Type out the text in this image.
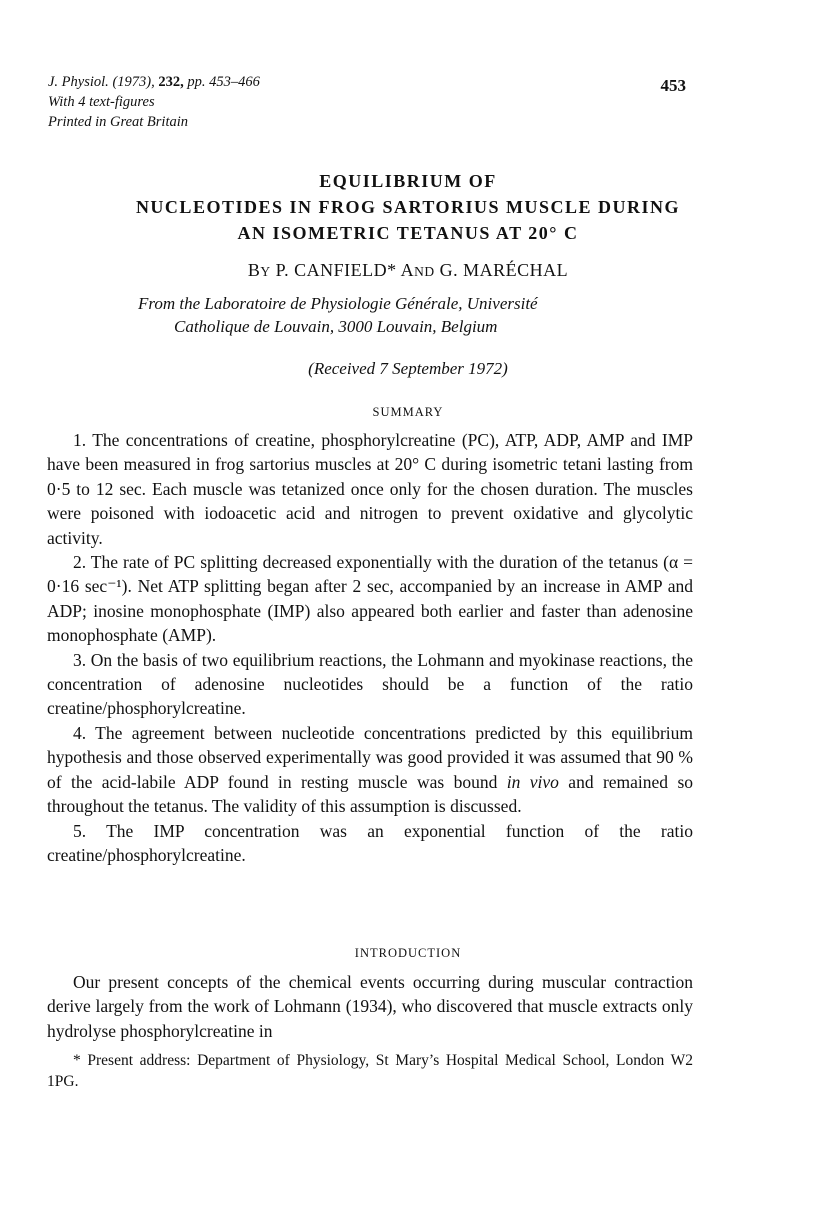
J. Physiol. (1973), 232, pp. 453–466
With 4 text-figures
Printed in Great Britain
453
EQUILIBRIUM OF
NUCLEOTIDES IN FROG SARTORIUS MUSCLE DURING
AN ISOMETRIC TETANUS AT 20° C
BY P. CANFIELD* AND G. MARÉCHAL
From the Laboratoire de Physiologie Générale, Université
Catholique de Louvain, 3000 Louvain, Belgium
(Received 7 September 1972)
SUMMARY

1. The concentrations of creatine, phosphorylcreatine (PC), ATP, ADP, AMP and IMP have been measured in frog sartorius muscles at 20° C during isometric tetani lasting from 0·5 to 12 sec. Each muscle was tetanized once only for the chosen duration. The muscles were poisoned with iodoacetic acid and nitrogen to prevent oxidative and glycolytic activity.

2. The rate of PC splitting decreased exponentially with the duration of the tetanus (α = 0·16 sec⁻¹). Net ATP splitting began after 2 sec, accompanied by an increase in AMP and ADP; inosine monophosphate (IMP) also appeared both earlier and faster than adenosine monophosphate (AMP).

3. On the basis of two equilibrium reactions, the Lohmann and myokinase reactions, the concentration of adenosine nucleotides should be a function of the ratio creatine/phosphorylcreatine.

4. The agreement between nucleotide concentrations predicted by this equilibrium hypothesis and those observed experimentally was good provided it was assumed that 90 % of the acid-labile ADP found in resting muscle was bound in vivo and remained so throughout the tetanus. The validity of this assumption is discussed.

5. The IMP concentration was an exponential function of the ratio creatine/phosphorylcreatine.

INTRODUCTION

Our present concepts of the chemical events occurring during muscular contraction derive largely from the work of Lohmann (1934), who discovered that muscle extracts only hydrolyse phosphorylcreatine in

* Present address: Department of Physiology, St Mary’s Hospital Medical School, London W2 1PG.
